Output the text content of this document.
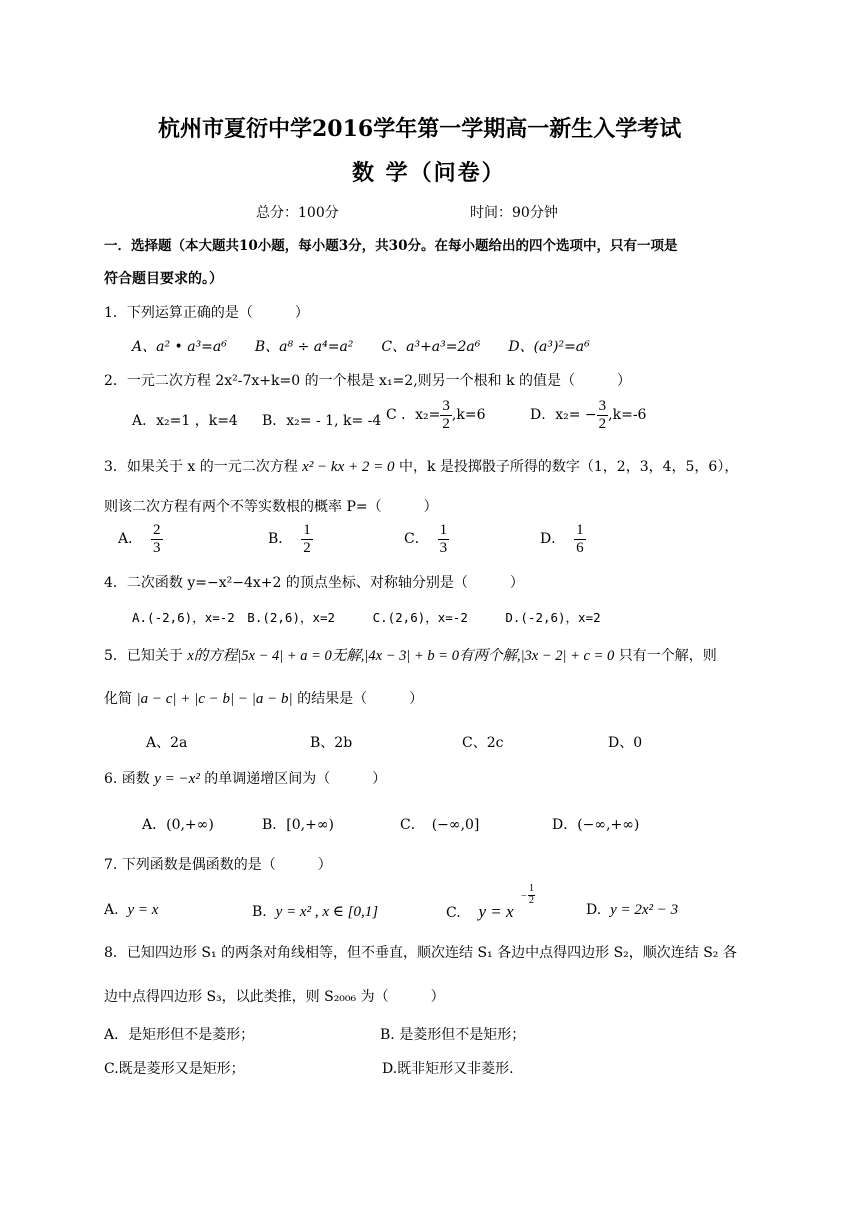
杭州市夏衍中学2016学年第一学期高一新生入学考试
数 学（问卷）
总分：100分	时间：90分钟
一．选择题（本大题共10小题，每小题3分，共30分。在每小题给出的四个选项中，只有一项是
符合题目要求的。）
1．下列运算正确的是（　　　）
A、a² • a³=a⁶　　B、a⁸ ÷ a⁴=a²　　C、a³+a³=2a⁶　　D、(a³)²=a⁶
2．一元二次方程 2x²-7x+k=0 的一个根是 x₁=2,则另一个根和 k 的值是（　　　）
A．x₂=1 ，k=4 B．x₂= - 1, k= -4 C ．$x_2= \frac{3}{2} ,k=6$	D．$x_2= - \frac{3}{2} ,k=-6$
3．如果关于 x 的一元二次方程 x² − kx + 2 = 0 中，k 是投掷骰子所得的数字（1，2，3，4，5，6），
则该二次方程有两个不等实数根的概率 P=（　　　）
A． $\frac{2}{3}$	B． $\frac{1}{2}$	C． $\frac{1}{3}$	D． $\frac{1}{6}$
4．二次函数 y=−x²−4x+2 的顶点坐标、对称轴分别是（　　　）
A.(-2,6)，x=-2　B.(2,6)，x=2　　　C.(2,6)，x=-2　　　D.(-2,6)，x=2
5．已知关于 x的方程|5x − 4| + a = 0无解,|4x − 3| + b = 0有两个解,|3x − 2| + c = 0 只有一个解，则
化简 |a − c| + |c − b| − |a − b| 的结果是（　　　）
A、2a	B、2b	C、2c	D、0
6. 函数 y = −x² 的单调递增区间为（　　　）
A．(0,+∞)	B．[0,+∞)	C．　(−∞,0]	D．(−∞,+∞)
7. 下列函数是偶函数的是（　　　）
A. y = x	B. y = x² , x ∈ [0,1]	C. y = x
−
1
2
D. y = 2x² − 3
8．已知四边形 S₁ 的两条对角线相等，但不垂直，顺次连结 S₁ 各边中点得四边形 S₂，顺次连结 S₂ 各
边中点得四边形 S₃，以此类推，则 S₂₀₀₆ 为（　　　）
A．是矩形但不是菱形；	B. 是菱形但不是矩形；
C.既是菱形又是矩形；	D.既非矩形又非菱形.
